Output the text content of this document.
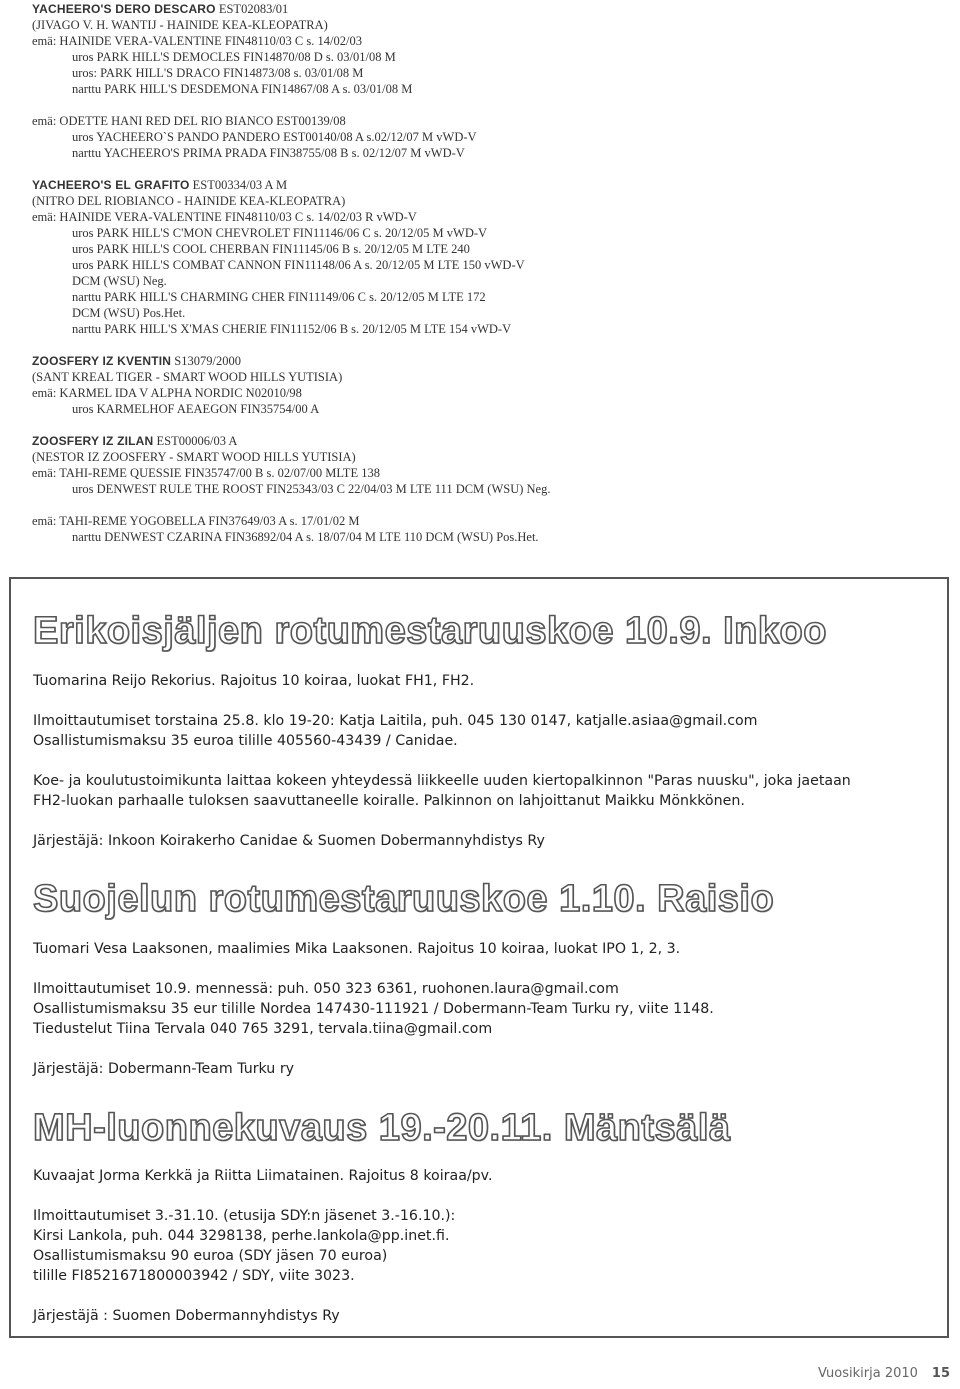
YACHEERO'S DERO DESCARO EST02083/01
(JIVAGO V. H. WANTIJ - HAINIDE KEA-KLEOPATRA)
emä: HAINIDE VERA-VALENTINE FIN48110/03 C s. 14/02/03
uros PARK HILL'S DEMOCLES FIN14870/08 D s. 03/01/08 M
uros: PARK HILL'S DRACO FIN14873/08 s. 03/01/08 M
narttu PARK HILL'S DESDEMONA FIN14867/08 A s. 03/01/08 M
emä: ODETTE HANI RED DEL RIO BIANCO EST00139/08
uros YACHEERO`S PANDO PANDERO EST00140/08 A s.02/12/07 M vWD-V
narttu YACHEERO'S PRIMA PRADA FIN38755/08 B s. 02/12/07 M vWD-V
YACHEERO'S EL GRAFITO EST00334/03 A M
(NITRO DEL RIOBIANCO - HAINIDE KEA-KLEOPATRA)
emä: HAINIDE VERA-VALENTINE FIN48110/03 C s. 14/02/03 R vWD-V
uros PARK HILL'S C'MON CHEVROLET FIN11146/06 C s. 20/12/05 M vWD-V
uros PARK HILL'S COOL CHERBAN FIN11145/06 B s. 20/12/05 M LTE 240
uros PARK HILL'S COMBAT CANNON FIN11148/06 A s. 20/12/05 M LTE 150 vWD-V
DCM (WSU) Neg.
narttu PARK HILL'S CHARMING CHER FIN11149/06 C s. 20/12/05 M LTE 172
DCM (WSU) Pos.Het.
narttu PARK HILL'S X'MAS CHERIE FIN11152/06 B s. 20/12/05 M LTE 154 vWD-V
ZOOSFERY IZ KVENTIN S13079/2000
(SANT KREAL TIGER - SMART WOOD HILLS YUTISIA)
emä: KARMEL IDA V ALPHA NORDIC N02010/98
uros KARMELHOF AEAEGON FIN35754/00 A
ZOOSFERY IZ ZILAN EST00006/03 A
(NESTOR IZ ZOOSFERY - SMART WOOD HILLS YUTISIA)
emä: TAHI-REME QUESSIE FIN35747/00 B s. 02/07/00 MLTE 138
uros DENWEST RULE THE ROOST FIN25343/03 C 22/04/03 M LTE 111 DCM (WSU) Neg.
emä: TAHI-REME YOGOBELLA FIN37649/03 A s. 17/01/02 M
narttu DENWEST CZARINA FIN36892/04 A s. 18/07/04 M LTE 110 DCM (WSU) Pos.Het.
Erikoisjäljen rotumestaruuskoe 10.9. Inkoo
Tuomarina Reijo Rekorius. Rajoitus 10 koiraa, luokat FH1, FH2.
Ilmoittautumiset torstaina 25.8. klo 19-20: Katja Laitila, puh. 045 130 0147, katjalle.asiaa@gmail.com
Osallistumismaksu 35 euroa tilille 405560-43439 / Canidae.
Koe- ja koulutustoimikunta laittaa kokeen yhteydessä liikkeelle uuden kiertopalkinnon "Paras nuusku", joka jaetaan
FH2-luokan parhaalle tuloksen saavuttaneelle koiralle. Palkinnon on lahjoittanut Maikku Mönkkönen.
Järjestäjä: Inkoon Koirakerho Canidae & Suomen Dobermannyhdistys Ry
Suojelun rotumestaruuskoe 1.10. Raisio
Tuomari Vesa Laaksonen, maalimies Mika Laaksonen. Rajoitus 10 koiraa, luokat IPO 1, 2, 3.
Ilmoittautumiset 10.9. mennessä: puh. 050 323 6361, ruohonen.laura@gmail.com
Osallistumismaksu 35 eur tilille Nordea 147430-111921 / Dobermann-Team Turku ry, viite 1148.
Tiedustelut Tiina Tervala 040 765 3291, tervala.tiina@gmail.com
Järjestäjä: Dobermann-Team Turku ry
MH-luonnekuvaus 19.-20.11. Mäntsälä
Kuvaajat Jorma Kerkkä ja Riitta Liimatainen. Rajoitus 8 koiraa/pv.
Ilmoittautumiset 3.-31.10. (etusija SDY:n jäsenet 3.-16.10.):
Kirsi Lankola, puh. 044 3298138, perhe.lankola@pp.inet.fi.
Osallistumismaksu 90 euroa (SDY jäsen 70 euroa)
tilille FI8521671800003942 / SDY, viite 3023.
Järjestäjä : Suomen Dobermannyhdistys Ry
Vuosikirja 2010 15
